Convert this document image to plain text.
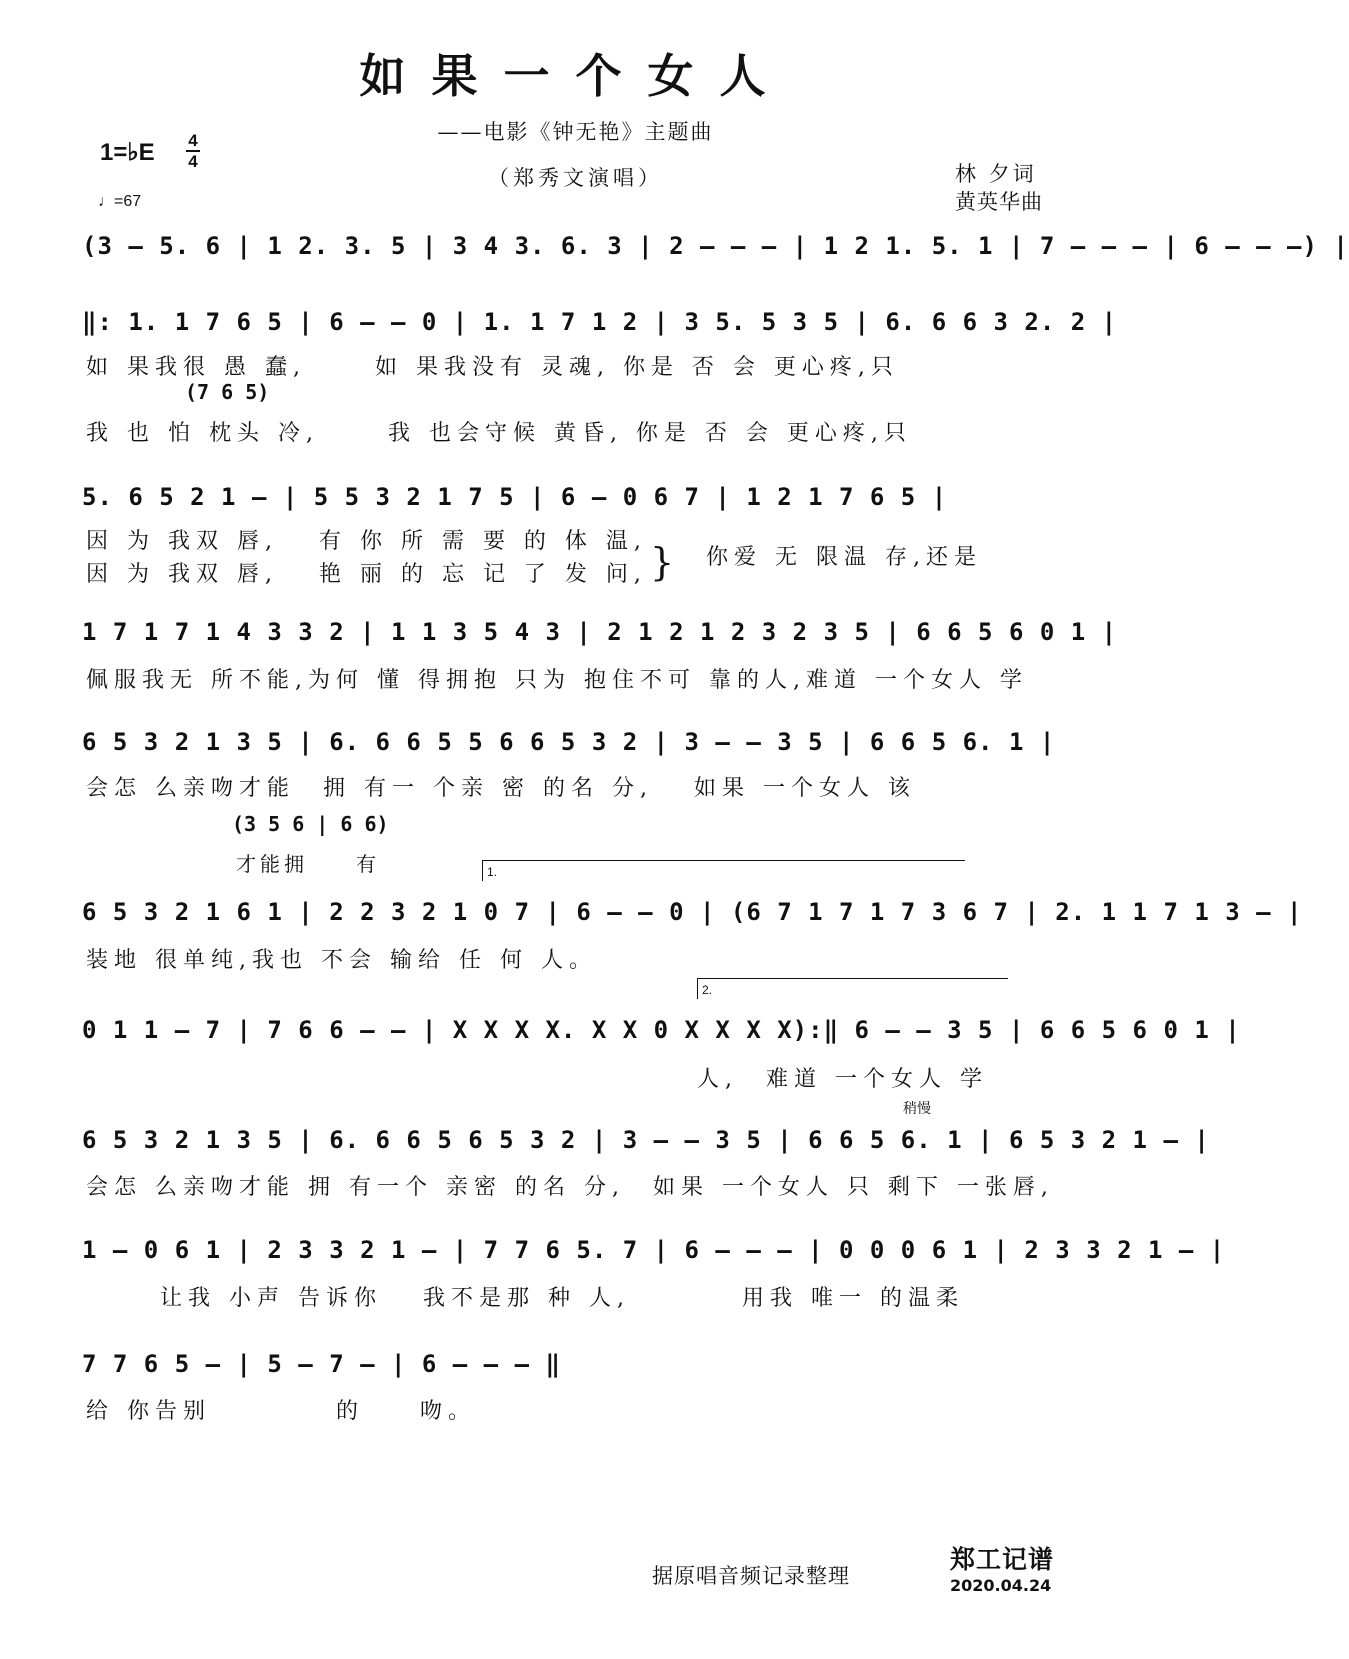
如果一个女人
——电影《钟无艳》主题曲
（郑秀文演唱）
1=♭E 4
4
♩=67
林 夕词
黄英华曲
(3 – 5. 6 | 1 2. 3. 5 | 3 4 3. 6. 3 | 2 – – – | 1 2 1. 5. 1 | 7 – – – | 6 – – –) |
‖: 1. 1 7 6 5 | 6 – – 0 | 1. 1 7 1 2 | 3 5. 5 3 5 | 6. 6 6 3 2. 2 |
如 果我很 愚 蠢,　　 如 果我没有 灵魂, 你是 否 会 更心疼,只
(7 6 5)
我 也 怕 枕头 冷,　　 我 也会守候 黄昏, 你是 否 会 更心疼,只
5. 6 5 2 1 – | 5 5 3 2 1 7 5 | 6 – 0 6 7 | 1 2 1 7 6 5 |
因 为 我双 唇,　 有 你 所 需 要 的 体 温,
因 为 我双 唇,　 艳 丽 的 忘 记 了 发 问, }	你爱 无 限温 存,还是
1 7 1 7 1 4 3 3 2 | 1 1 3 5 4 3 | 2 1 2 1 2 3 2 3 5 | 6 6 5 6 0 1 |
佩服我无 所不能,为何 懂 得拥抱 只为 抱住不可 靠的人,难道 一个女人 学
6 5 3 2 1 3 5 | 6. 6 6 5 5 6 6 5 3 2 | 3 – – 3 5 | 6 6 5 6. 1 |
会怎 么亲吻才能　拥 有一 个亲 密 的名 分,　 如果 一个女人 该
(3 5 6 | 6 6)
才能拥　　有	1.
6 5 3 2 1 6 1 | 2 2 3 2 1 0 7 | 6 – – 0 | (6 7 1 7 1 7 3 6 7 | 2. 1 1 7 1 3 – |
装地 很单纯,我也 不会 输给 任 何 人。
2.
0 1 1 – 7 | 7 6 6 – – | X X X X. X X 0 X X X X):‖ 6 – – 3 5 | 6 6 5 6 0 1 |
人,　难道 一个女人 学
稍慢
6 5 3 2 1 3 5 | 6. 6 6 5 6 5 3 2 | 3 – – 3 5 | 6 6 5 6. 1 | 6 5 3 2 1 – |
会怎 么亲吻才能 拥 有一个 亲密 的名 分,　如果 一个女人 只 剩下 一张唇,
1 – 0 6 1 | 2 3 3 2 1 – | 7 7 6 5. 7 | 6 – – – | 0 0 0 6 1 | 2 3 3 2 1 – |
让我 小声 告诉你　 我不是那 种 人,　　　　用我 唯一 的温柔
7 7 6 5 – | 5 – 7 – | 6 – – – ‖
给 你告别　　　　 的　　吻。
据原唱音频记录整理
郑工记谱
2020.04.24
